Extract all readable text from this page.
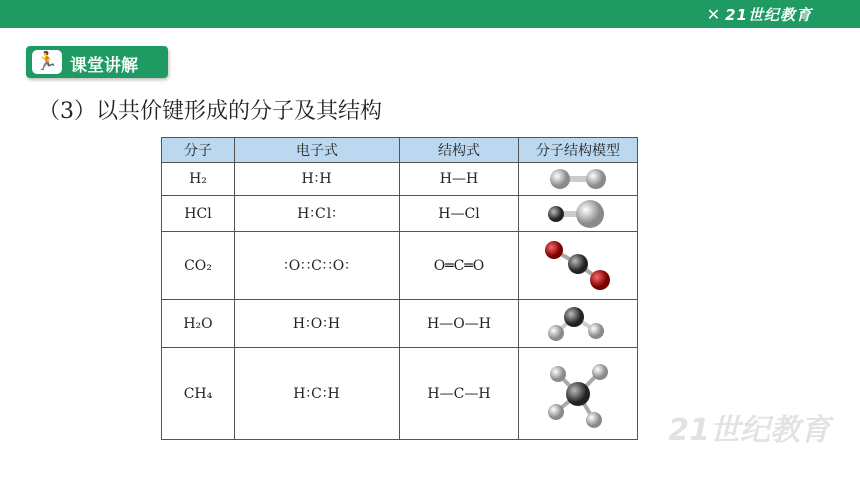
✕ 21世纪教育
🏃 课堂讲解
（3）以共价键形成的分子及其结构
分子	电子式	结构式	分子结构模型
H₂	H∶H	H—H	

HCl	H∶Cl∶	H—Cl	

CO₂	∶O∷C∷O∶	O═C═O	

H₂O	H∶O∶H	H—O—H	

CH₄	H∶C∶H	H—C—H	
21世纪教育
